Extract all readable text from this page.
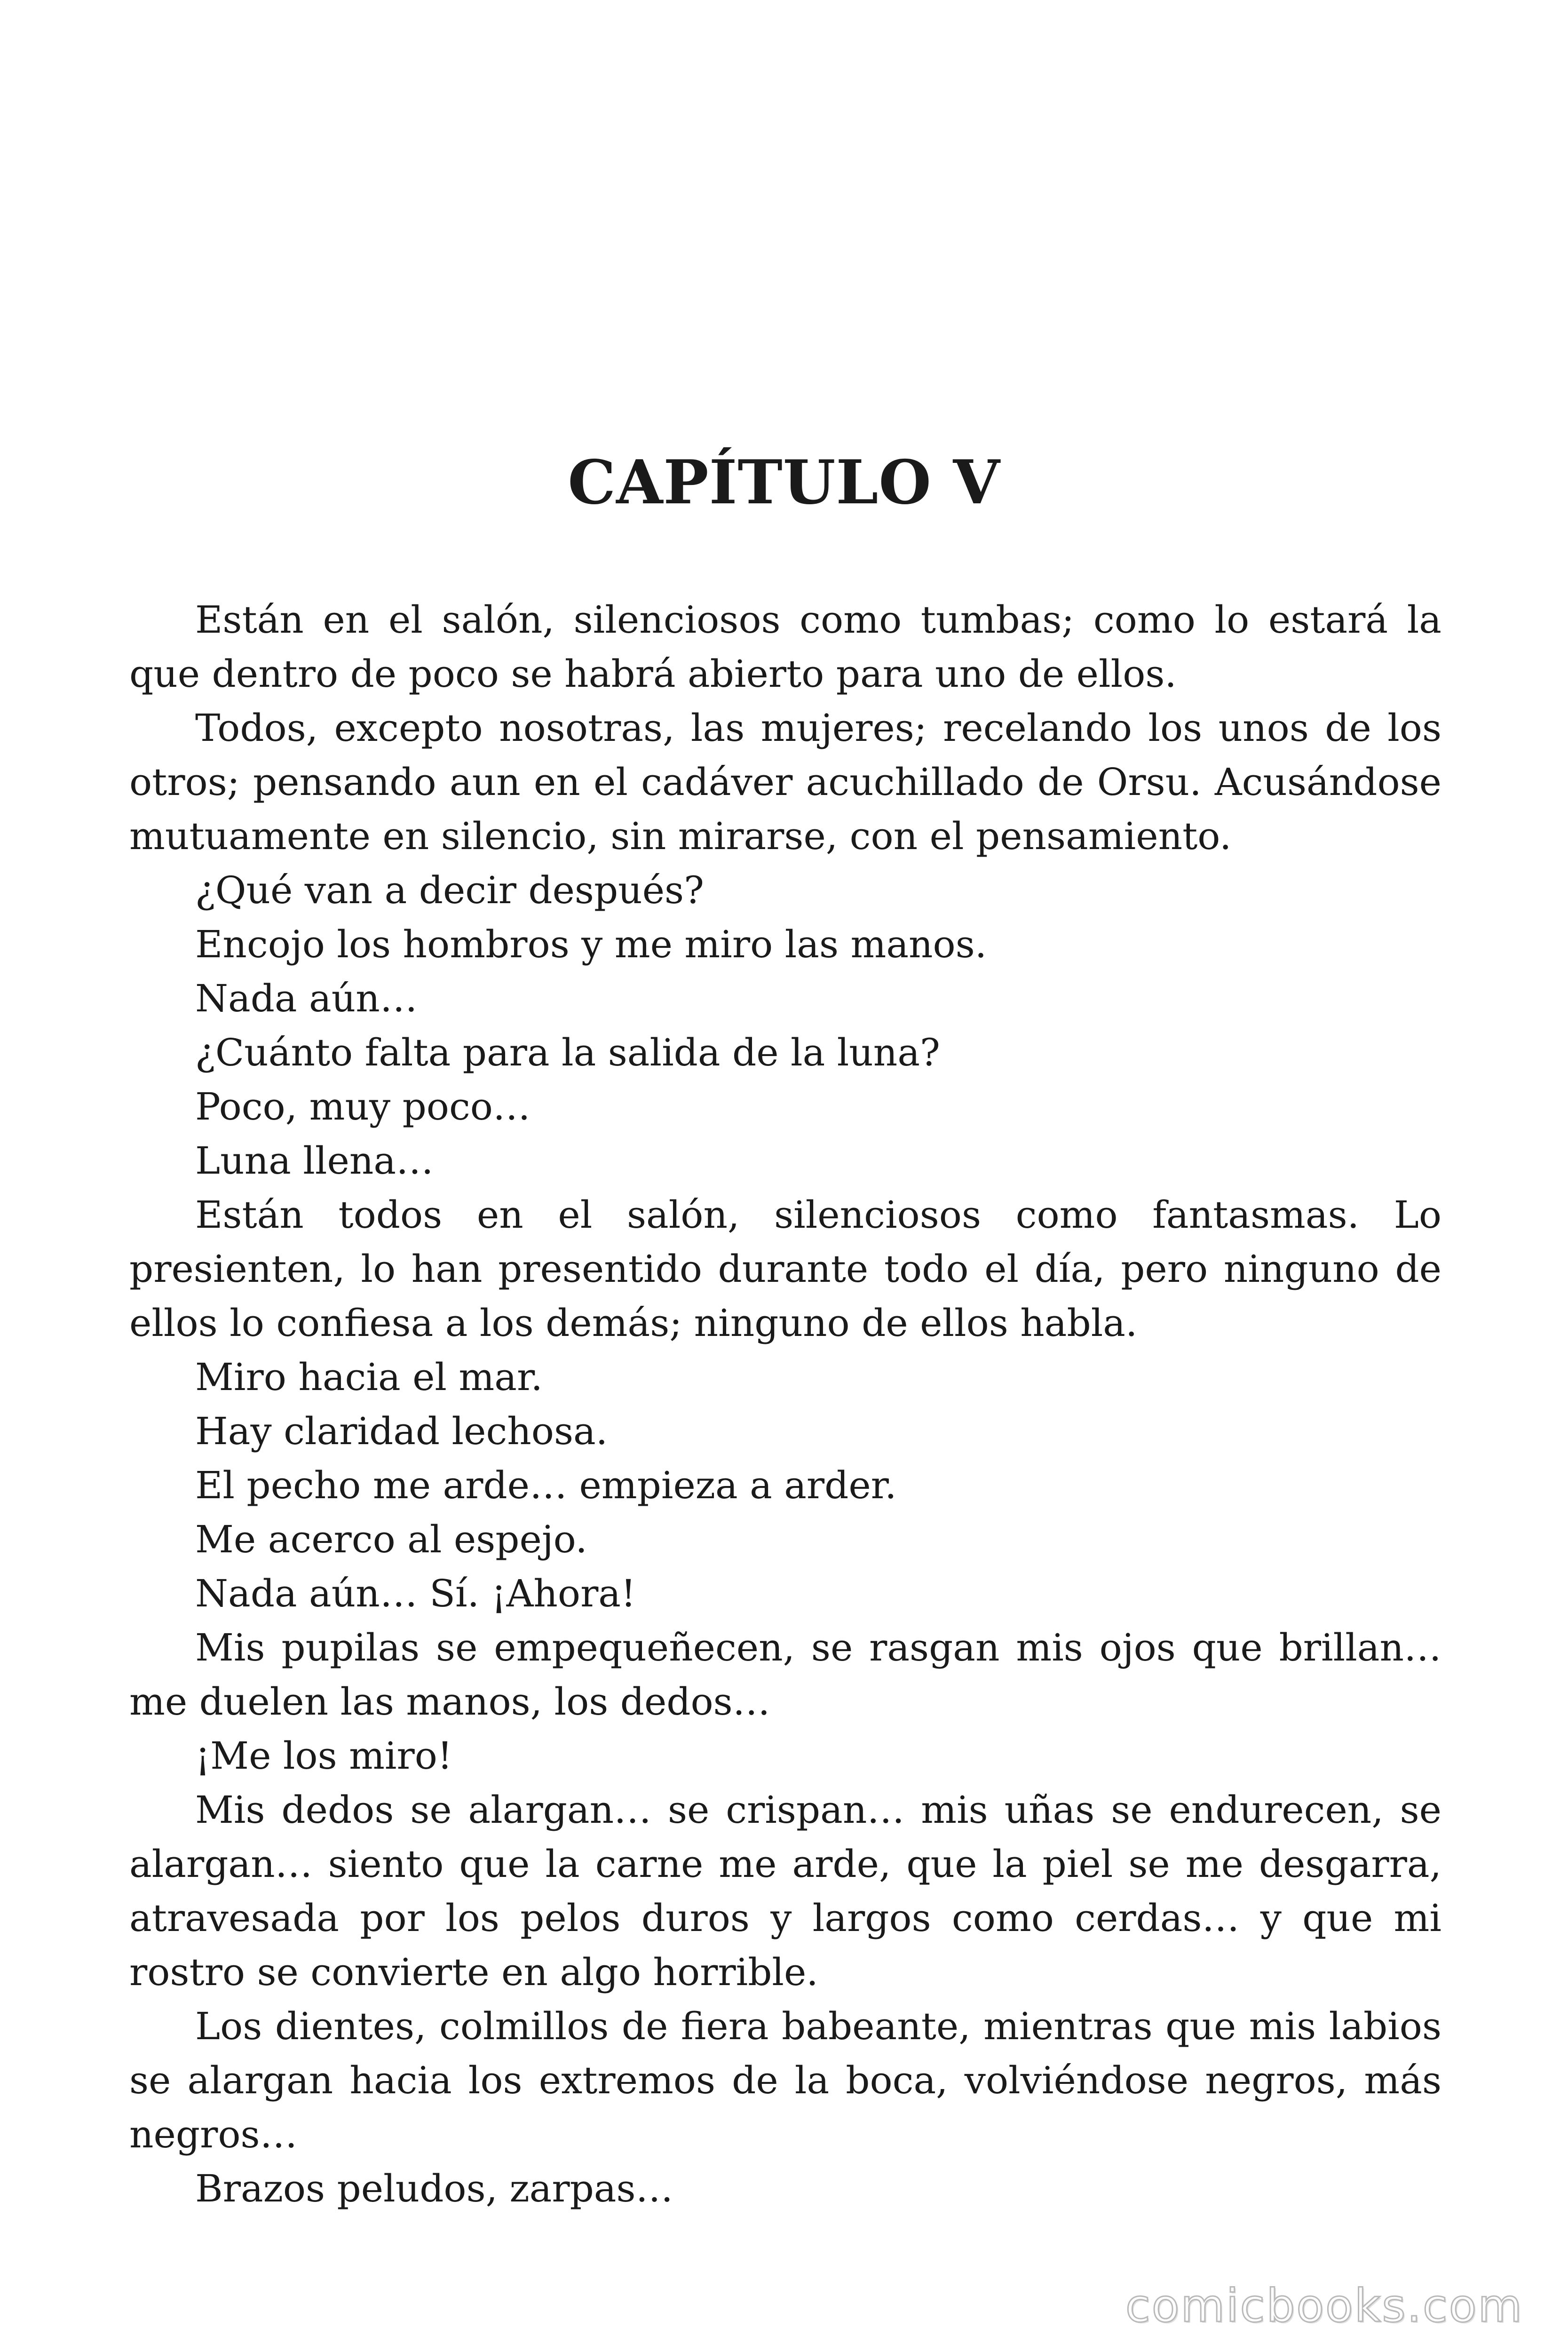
CAPÍTULO V

Están en el salón, silenciosos como tumbas; como lo estará la que dentro de poco se habrá abierto para uno de ellos.

Todos, excepto nosotras, las mujeres; recelando los unos de los otros; pensando aun en el cadáver acuchillado de Orsu. Acusándose mutuamente en silencio, sin mirarse, con el pensamiento.

¿Qué van a decir después?

Encojo los hombros y me miro las manos.

Nada aún…

¿Cuánto falta para la salida de la luna?

Poco, muy poco…

Luna llena…

Están todos en el salón, silenciosos como fantasmas. Lo presienten, lo han presentido durante todo el día, pero ninguno de ellos lo confiesa a los demás; ninguno de ellos habla.

Miro hacia el mar.

Hay claridad lechosa.

El pecho me arde… empieza a arder.

Me acerco al espejo.

Nada aún… Sí. ¡Ahora!

Mis pupilas se empequeñecen, se rasgan mis ojos que brillan… me duelen las manos, los dedos…

¡Me los miro!

Mis dedos se alargan… se crispan… mis uñas se endurecen, se alargan… siento que la carne me arde, que la piel se me desgarra, atravesada por los pelos duros y largos como cerdas… y que mi rostro se convierte en algo horrible.

Los dientes, colmillos de fiera babeante, mientras que mis labios se alargan hacia los extremos de la boca, volviéndose negros, más negros…

Brazos peludos, zarpas…

comicbooks.com
